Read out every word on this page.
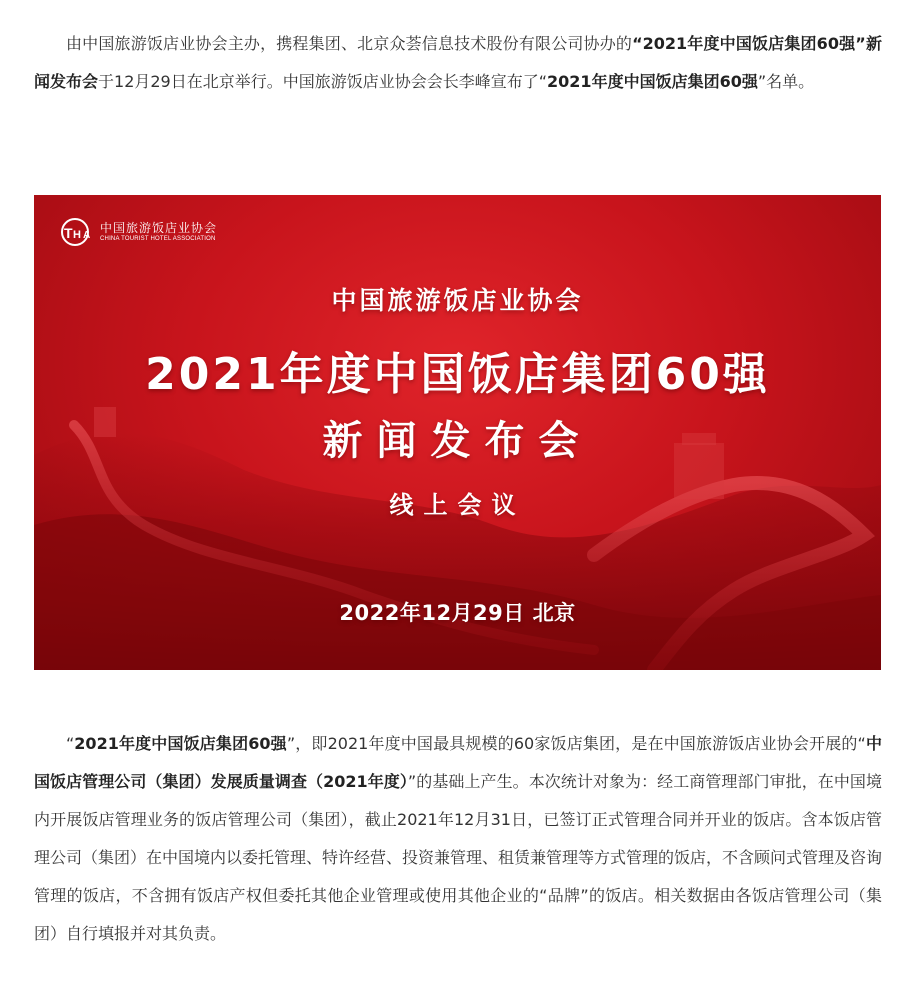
由中国旅游饭店业协会主办，携程集团、北京众荟信息技术股份有限公司协办的“2021年度中国饭店集团60强”新闻发布会于12月29日在北京举行。中国旅游饭店业协会会长李峰宣布了“2021年度中国饭店集团60强”名单。

T H A
中国旅游饭店业协会
CHINA TOURIST HOTEL ASSOCIATION
中国旅游饭店业协会
2021年度中国饭店集团60强
新闻发布会
线上会议
2022年12月29日 北京

“2021年度中国饭店集团60强”，即2021年度中国最具规模的60家饭店集团，是在中国旅游饭店业协会开展的“中国饭店管理公司（集团）发展质量调查（2021年度）”的基础上产生。本次统计对象为：经工商管理部门审批，在中国境内开展饭店管理业务的饭店管理公司（集团），截止2021年12月31日，已签订正式管理合同并开业的饭店。含本饭店管理公司（集团）在中国境内以委托管理、特许经营、投资兼管理、租赁兼管理等方式管理的饭店，不含顾问式管理及咨询管理的饭店，不含拥有饭店产权但委托其他企业管理或使用其他企业的“品牌”的饭店。相关数据由各饭店管理公司（集团）自行填报并对其负责。
